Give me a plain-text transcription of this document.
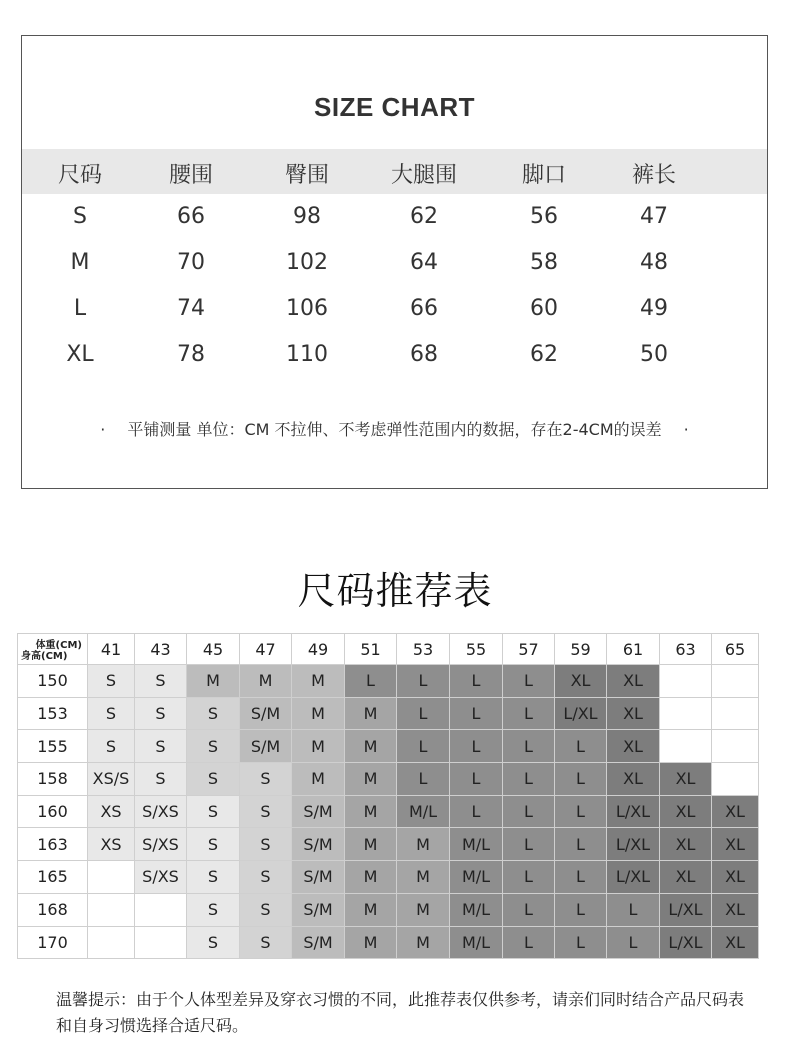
SIZE CHART
尺码	腰围	臀围	大腿围	脚口	裤长
S	66	98	62	56	47
M	70	102	64	58	48
L	74	106	66	60	49
XL	78	110	68	62	50
· 平铺测量 单位：CM 不拉伸、不考虑弹性范围内的数据，存在2-4CM的误差 ·
尺码推荐表
体重(CM)
身高(CM)	41	43	45	47	49	51	53	55	57	59	61	63	65
150	S	S	M	M	M	L	L	L	L	XL	XL		
153	S	S	S	S/M	M	M	L	L	L	L/XL	XL		
155	S	S	S	S/M	M	M	L	L	L	L	XL		
158	XS/S	S	S	S	M	M	L	L	L	L	XL	XL	
160	XS	S/XS	S	S	S/M	M	M/L	L	L	L	L/XL	XL	XL
163	XS	S/XS	S	S	S/M	M	M	M/L	L	L	L/XL	XL	XL
165		S/XS	S	S	S/M	M	M	M/L	L	L	L/XL	XL	XL
168			S	S	S/M	M	M	M/L	L	L	L	L/XL	XL
170			S	S	S/M	M	M	M/L	L	L	L	L/XL	XL
温馨提示：由于个人体型差异及穿衣习惯的不同，此推荐表仅供参考，请亲们同时结合产品尺码表和自身习惯选择合适尺码。
